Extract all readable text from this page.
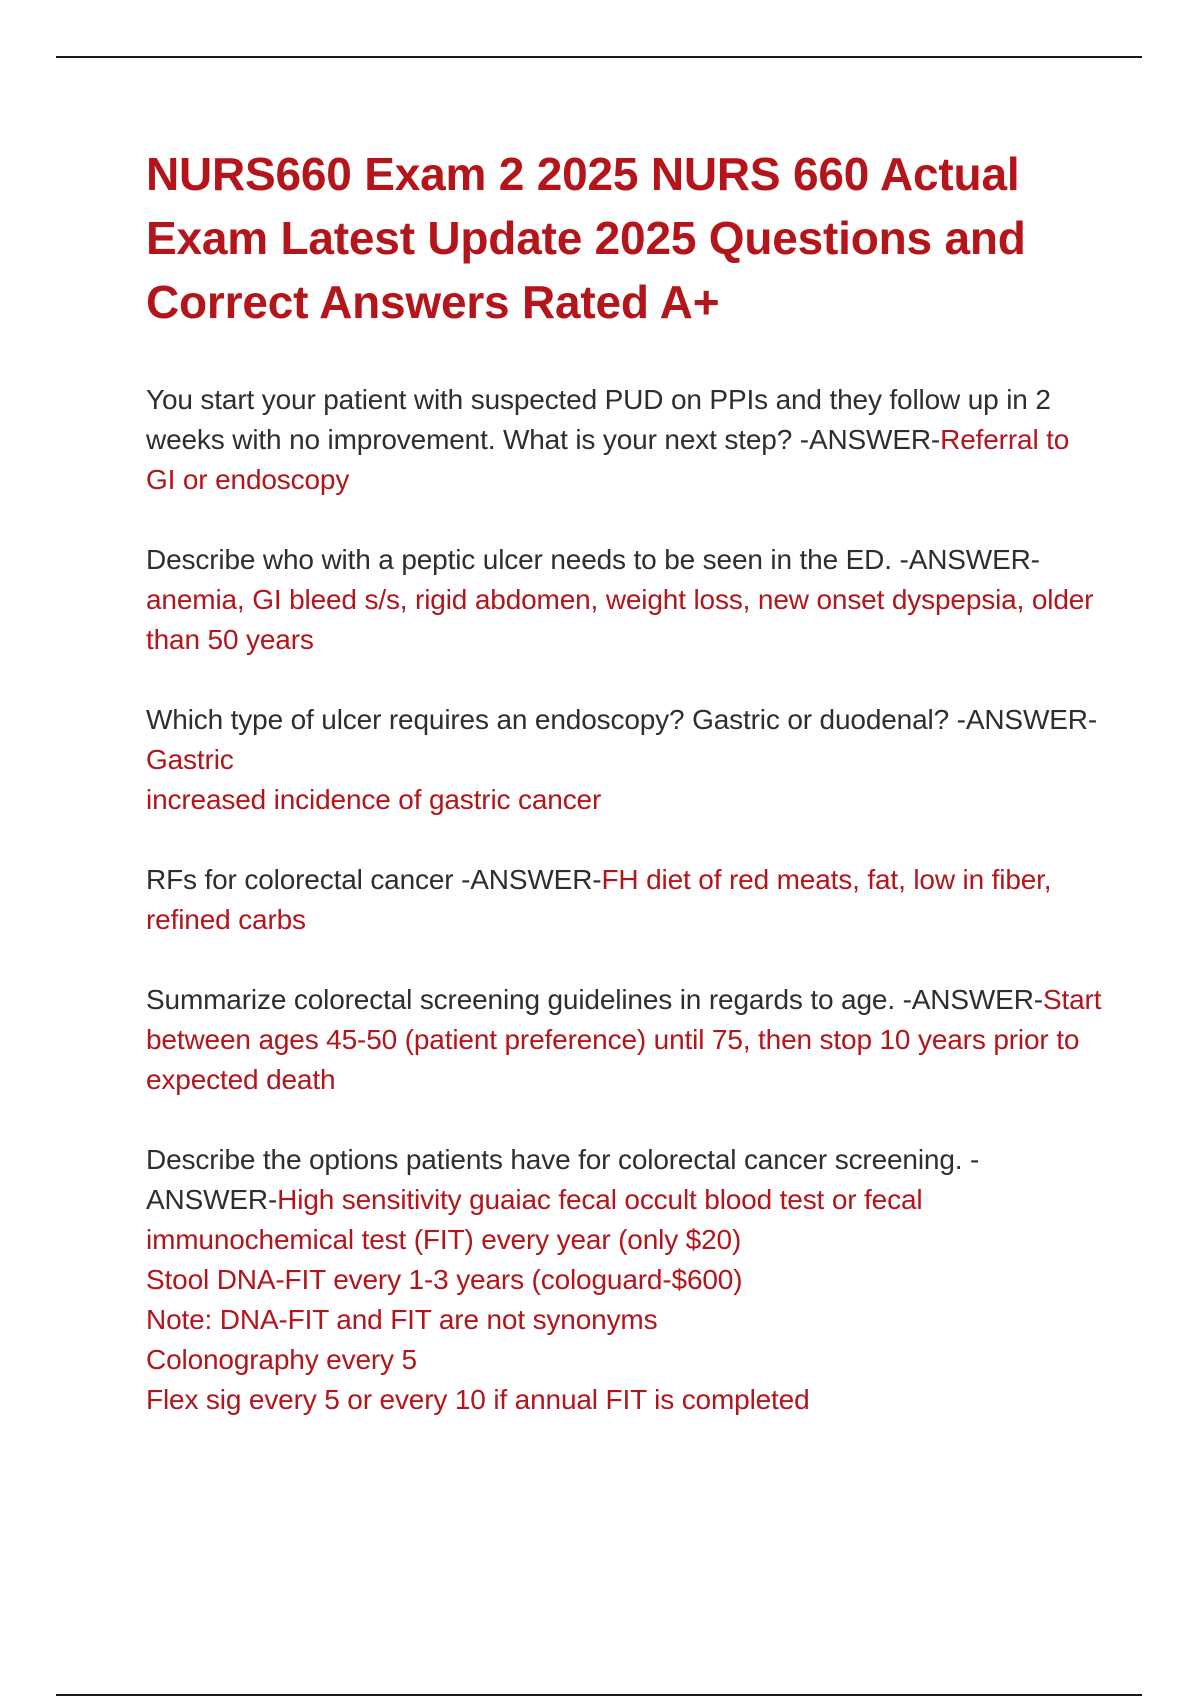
NURS660 Exam 2 2025 NURS 660 Actual Exam Latest Update 2025 Questions and Correct Answers Rated A+
You start your patient with suspected PUD on PPIs and they follow up in 2 weeks with no improvement. What is your next step? -ANSWER-Referral to GI or endoscopy
Describe who with a peptic ulcer needs to be seen in the ED. -ANSWER-anemia, GI bleed s/s, rigid abdomen, weight loss, new onset dyspepsia, older than 50 years
Which type of ulcer requires an endoscopy? Gastric or duodenal? -ANSWER-Gastric
increased incidence of gastric cancer
RFs for colorectal cancer -ANSWER-FH diet of red meats, fat, low in fiber, refined carbs
Summarize colorectal screening guidelines in regards to age. -ANSWER-Start between ages 45-50 (patient preference) until 75, then stop 10 years prior to expected death
Describe the options patients have for colorectal cancer screening. -ANSWER-High sensitivity guaiac fecal occult blood test or fecal immunochemical test (FIT) every year (only $20)
Stool DNA-FIT every 1-3 years (cologuard-$600)
Note: DNA-FIT and FIT are not synonyms
Colonography every 5
Flex sig every 5 or every 10 if annual FIT is completed
